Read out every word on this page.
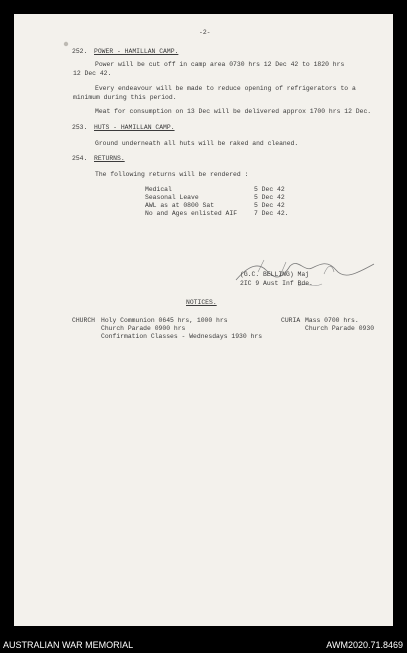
-2-
252. POWER - HAMILLAN CAMP.
Power will be cut off in camp area 0730 hrs 12 Dec 42 to 1820 hrs
12 Dec 42.
Every endeavour will be made to reduce opening of refrigerators to a
minimum during this period.
Meat for consumption on 13 Dec will be delivered approx 1700 hrs 12 Dec.
253. HUTS - HAMILLAN CAMP.
Ground underneath all huts will be raked and cleaned.
254. RETURNS.
The following returns will be rendered :
Medical	5 Dec 42
Seasonal Leave	5 Dec 42
AWL as at 0800 Sat	5 Dec 42
No and Ages enlisted AIF	7 Dec 42.
(G.C. BELLING) Maj
2IC 9 Aust Inf Bde.
NOTICES.
CHURCH Holy Communion 0645 hrs, 1000 hrs
Church Parade 0900 hrs
Confirmation Classes - Wednesdays 1930 hrs
CURIA Mass 0700 hrs.
Church Parade 0930
AUSTRALIAN WAR MEMORIAL	AWM2020.71.8469
